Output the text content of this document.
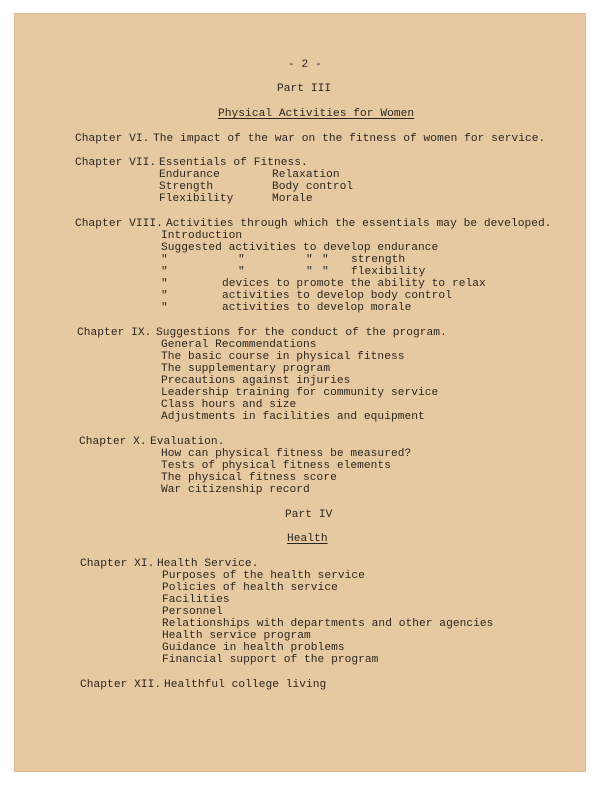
- 2 -
Part III
Physical Activities for Women
Chapter VI. The impact of the war on the fitness of women for service.
Chapter VII. Essentials of Fitness.
Endurance	Relaxation
Strength	Body control
Flexibility	Morale
Chapter VIII. Activities through which the essentials may be developed.
Introduction
Suggested activities to develop endurance
"	"	" " strength
"	"	" " flexibility
"	devices to promote the ability to relax
"	activities to develop body control
"	activities to develop morale
Chapter IX. Suggestions for the conduct of the program.
General Recommendations
The basic course in physical fitness
The supplementary program
Precautions against injuries
Leadership training for community service
Class hours and size
Adjustments in facilities and equipment
Chapter X. Evaluation.
How can physical fitness be measured?
Tests of physical fitness elements
The physical fitness score
War citizenship record
Part IV
Health
Chapter XI. Health Service.
Purposes of the health service
Policies of health service
Facilities
Personnel
Relationships with departments and other agencies
Health service program
Guidance in health problems
Financial support of the program
Chapter XII. Healthful college living
